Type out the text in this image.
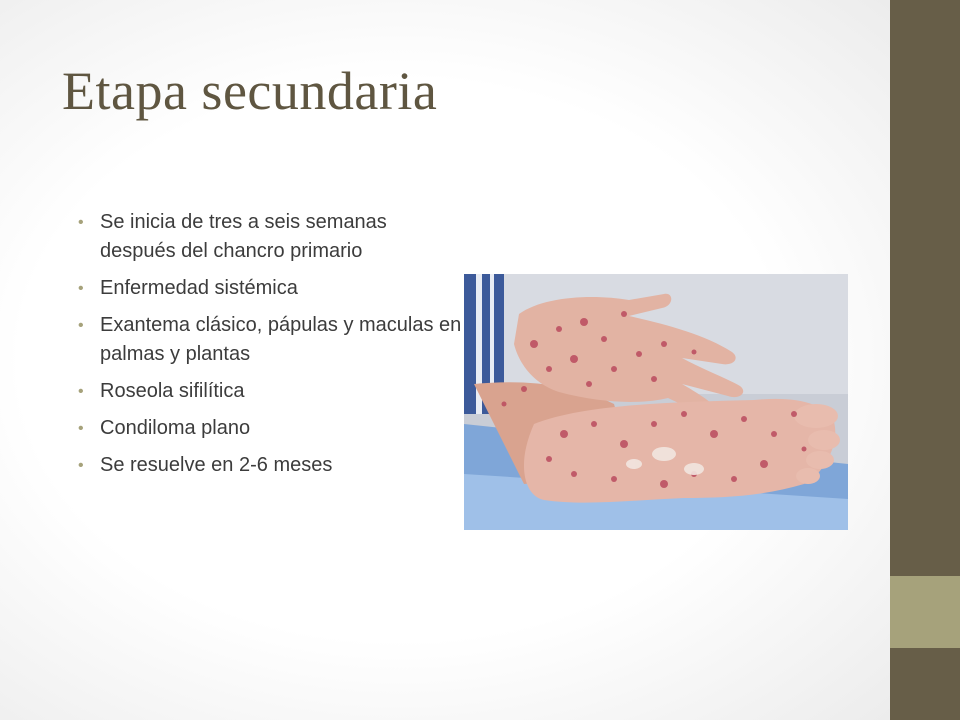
Etapa secundaria
• Se inicia de tres a seis semanas después del chancro primario
• Enfermedad sistémica
• Exantema clásico, pápulas y maculas en palmas y plantas
• Roseola sifilítica
• Condiloma plano
• Se resuelve en 2-6 meses
